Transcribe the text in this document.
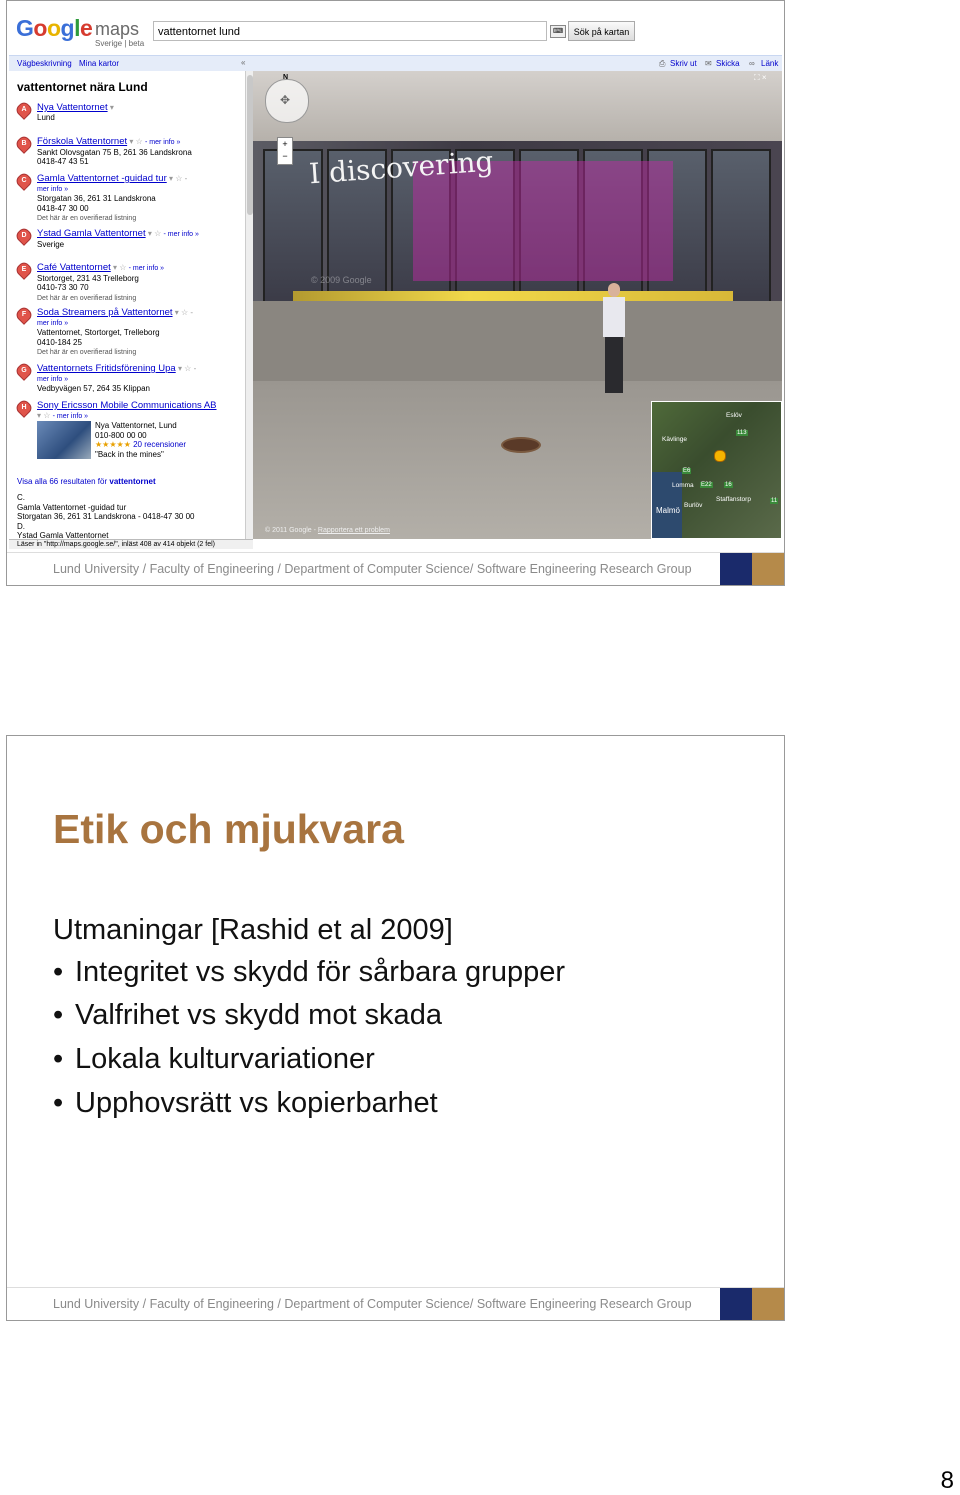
Google maps
Sverige | beta
vattentornet lund	⌨	Sök på kartan
Vägbeskrivning Mina kartor	«	⎙ Skriv ut ✉ Skicka ∞ Länk
vattentornet nära Lund
A	Nya Vattentornet ▾
Lund
B	Förskola Vattentornet ▾ ☆ - mer info »
Sankt Olovsgatan 75 B, 261 36 Landskrona
0418-47 43 51
C	Gamla Vattentornet -guidad tur ▾ ☆ -
mer info »
Storgatan 36, 261 31 Landskrona
0418-47 30 00
Det här är en overifierad listning
D	Ystad Gamla Vattentornet ▾ ☆ - mer info »
Sverige
E	Café Vattentornet ▾ ☆ - mer info »
Stortorget, 231 43 Trelleborg
0410-73 30 70
Det här är en overifierad listning
F	Soda Streamers på Vattentornet ▾ ☆ -
mer info »
Vattentornet, Stortorget, Trelleborg
0410-184 25
Det här är en overifierad listning
G	Vattentornets Fritidsförening Upa ▾ ☆ -
mer info »
Vedbyvägen 57, 264 35 Klippan
H	Sony Ericsson Mobile Communications AB
▾ ☆ - mer info »
Nya Vattentornet, Lund
010-800 00 00
★★★★★ 20 recensioner
"Back in the mines"
Visa alla 66 resultaten för vattentornet
C.
Gamla Vattentornet -guidad tur
Storgatan 36, 261 31 Landskrona - 0418-47 30 00
D.
Ystad Gamla Vattentornet
Läser in "http://maps.google.se/", inläst 408 av 414 objekt (2 fel)
I discovering
© 2009 Google
N
✥
+
−
⛶ ×
© 2011 Google - Rapportera ett problem
Eslöv
Kävlinge
Lomma
Malmö
Staffanstorp
Burlöv
113
E6
E22 16
11
Lund University / Faculty of Engineering / Department of Computer Science/ Software Engineering Research Group
Etik och mjukvara
Utmaningar [Rashid et al 2009]
• Integritet vs skydd för sårbara grupper
• Valfrihet vs skydd mot skada
• Lokala kulturvariationer
• Upphovsrätt vs kopierbarhet
Lund University / Faculty of Engineering / Department of Computer Science/ Software Engineering Research Group
8
